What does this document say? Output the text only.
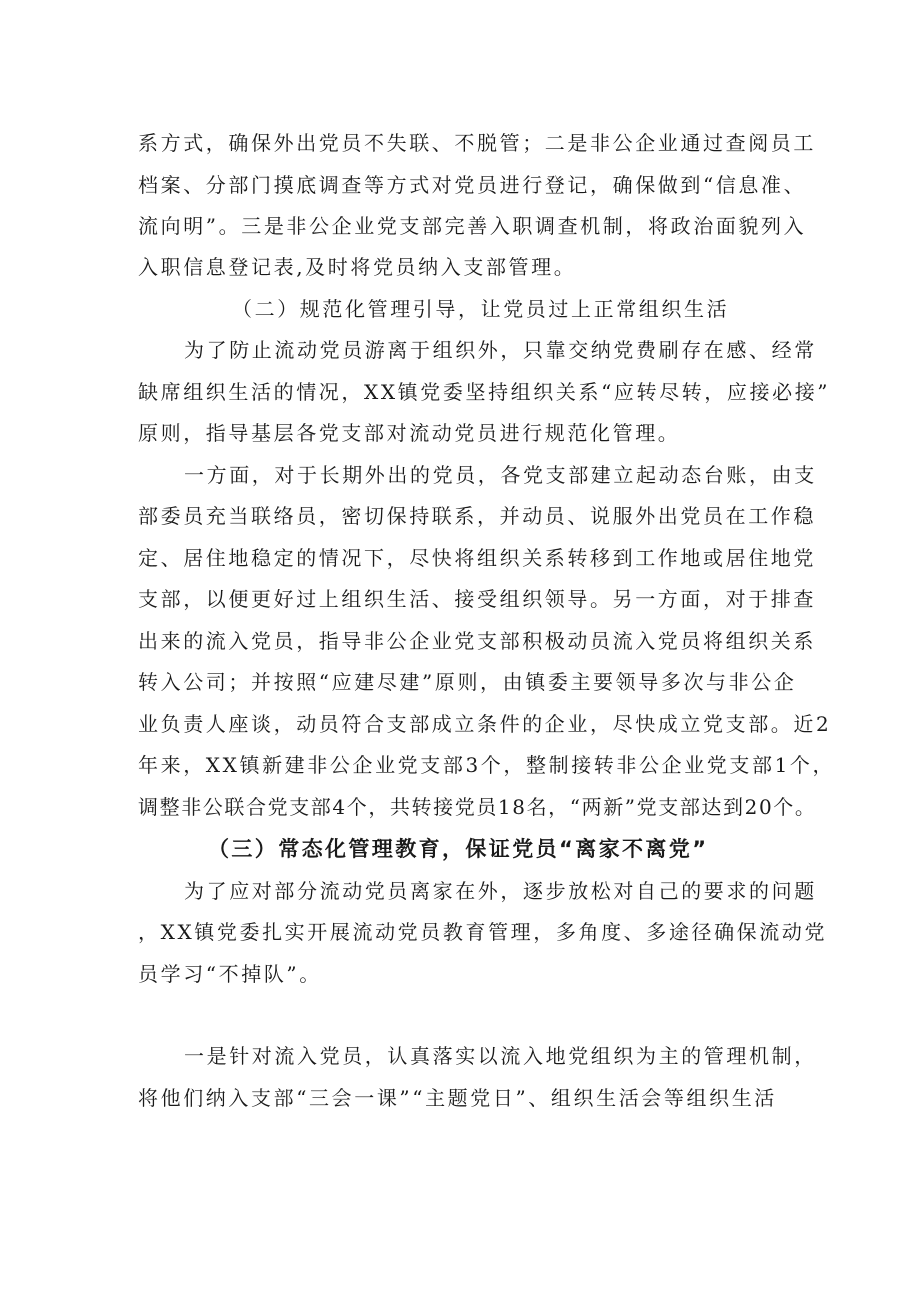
系方式，确保外出党员不失联、不脱管；二是非公企业通过查阅员工
档案、分部门摸底调查等方式对党员进行登记，确保做到“信息准、
流向明”。三是非公企业党支部完善入职调查机制，将政治面貌列入
入职信息登记表,及时将党员纳入支部管理。
（二）规范化管理引导，让党员过上正常组织生活
为了防止流动党员游离于组织外，只靠交纳党费刷存在感、经常
缺席组织生活的情况，XX镇党委坚持组织关系“应转尽转，应接必接”
原则，指导基层各党支部对流动党员进行规范化管理。
一方面，对于长期外出的党员，各党支部建立起动态台账，由支
部委员充当联络员，密切保持联系，并动员、说服外出党员在工作稳
定、居住地稳定的情况下，尽快将组织关系转移到工作地或居住地党
支部，以便更好过上组织生活、接受组织领导。另一方面，对于排查
出来的流入党员，指导非公企业党支部积极动员流入党员将组织关系
转入公司；并按照“应建尽建”原则，由镇委主要领导多次与非公企
业负责人座谈，动员符合支部成立条件的企业，尽快成立党支部。近2
年来，XX镇新建非公企业党支部3个，整制接转非公企业党支部1个，
调整非公联合党支部4个，共转接党员18名，“两新”党支部达到20个。
（三）常态化管理教育，保证党员“离家不离党”
为了应对部分流动党员离家在外，逐步放松对自己的要求的问题
，XX镇党委扎实开展流动党员教育管理，多角度、多途径确保流动党
员学习“不掉队”。
一是针对流入党员，认真落实以流入地党组织为主的管理机制，
将他们纳入支部“三会一课”“主题党日”、组织生活会等组织生活
